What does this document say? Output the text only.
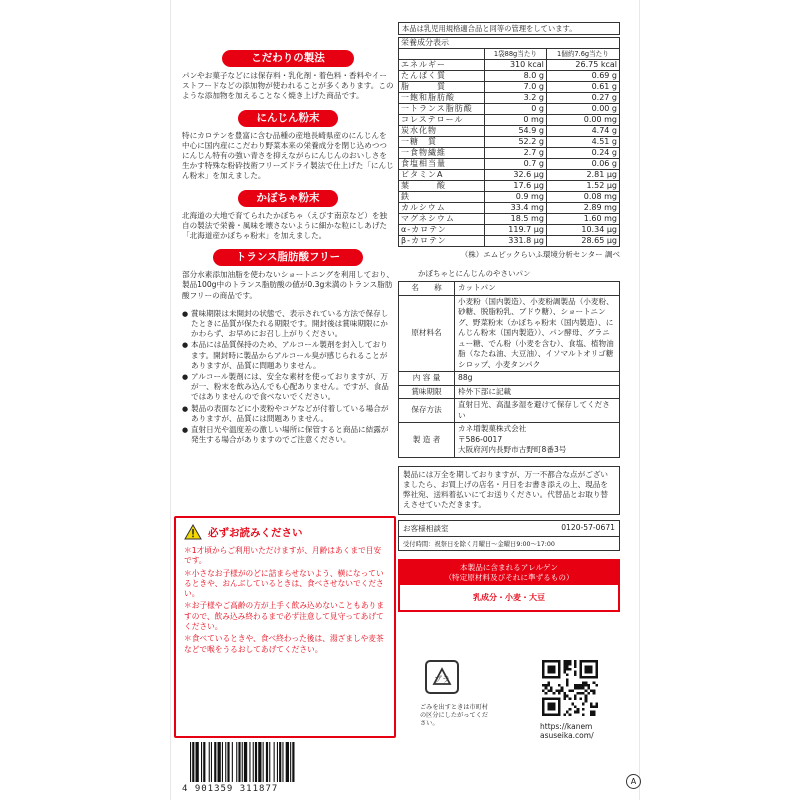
こだわりの製法
パンやお菓子などには保存料・乳化剤・着色料・香料やイーストフードなどの添加物が使われることが多くあります。このような添加物を加えることなく焼き上げた商品です。
にんじん粉末
特にカロテンを豊富に含む品種の産地長崎県産のにんじんを中心に国内産にこだわり野菜本来の栄養成分を閉じ込めつつにんじん特有の強い青さを抑えながらにんじんのおいしさを生かす特殊な粉砕技術フリーズドライ製法で仕上げた「にんじん粉末」を加えました。
かぼちゃ粉末
北海道の大地で育てられたかぼちゃ（えびす南京など）を独自の製法で栄養・風味を壊さないように細かな粒にしあげた「北海道産かぼちゃ粉末」を加えました。
トランス脂肪酸フリー
部分水素添加油脂を使わないショートニングを利用しており、製品100g中のトランス脂肪酸の値が0.3g未満のトランス脂肪酸フリーの商品です。
● 賞味期限は未開封の状態で、表示されている方法で保存したときに品質が保たれる期限です。開封後は賞味期限にかかわらず、お早めにお召し上がりください。
● 本品には品質保持のため、アルコール製剤を封入しております。開封時に製品からアルコール臭が感じられることがありますが、品質に問題ありません。
● アルコール製剤には、安全な素材を使っておりますが、万が一、粉末を飲み込んでも心配ありません。ですが、食品ではありませんので食べないでください。
● 製品の表面などに小麦粉やコゲなどが付着している場合がありますが、品質には問題ありません。
● 直射日光や温度差の激しい場所に保管すると商品に結露が発生する場合がありますのでご注意ください。
必ずお読みください
＊1才頃からご利用いただけますが、月齢はあくまで目安です。
＊小さなお子様がのどに詰まらせないよう、横になっているときや、おんぶしているときは、食べさせないでください。
＊お子様やご高齢の方が上手く飲み込めないこともありますので、飲み込み終わるまで必ず注意して見守ってあげてください。
＊食べているときや、食べ終わった後は、湯ざましや麦茶などで喉をうるおしてあげてください。
4 901359 311877
本品は乳児用規格適合品と同等の管理をしています。
栄養成分表示		
	1袋88g当たり	1個約7.6g当たり
エネルギー	310 kcal	26.75 kcal
たんぱく質	8.0 g	0.69 g
脂　　　質	7.0 g	0.61 g
一飽和脂肪酸	3.2 g	0.27 g
一トランス脂肪酸	0 g	0.00 g
コレステロール	0 mg	0.00 mg
炭水化物	54.9 g	4.74 g
一糖　質	52.2 g	4.51 g
一食物繊維	2.7 g	0.24 g
食塩相当量	0.7 g	0.06 g
ビタミンA	32.6 μg	2.81 μg
葉　　　酸	17.6 μg	1.52 μg
鉄	0.9 mg	0.08 mg
カルシウム	33.4 mg	2.89 mg
マグネシウム	18.5 mg	1.60 mg
α-カロテン	119.7 μg	10.34 μg
β-カロテン	331.8 μg	28.65 μg
（株）エムピックらいふ環境分析センター 調べ
かぼちゃとにんじんのやさいパン
名　　称	カットパン
原材料名	小麦粉（国内製造）、小麦粉調製品（小麦粉、砂糖、脱脂粉乳、ブドウ糖）、ショートニング、野菜粉末（かぼちゃ粉末（国内製造）、にんじん粉末（国内製造））、パン酵母、グラニュー糖、でん粉（小麦を含む）、食塩、植物油脂（なたね油、大豆油）、イソマルトオリゴ糖シロップ、小麦タンパク
内 容 量	88g
賞味期限	枠外下部に記載
保存方法	直射日光、高温多湿を避けて保存してください
製 造 者	カネ増製菓株式会社
〒586-0017
大阪府河内長野市古野町8番3号
製品には万全を期しておりますが、万一不都合な点がございましたら、お買上げの店名・月日をお書き添えの上、現品を弊社宛、送料着払いにてお送りください。代替品とお取り替えさせていただきます。
お客様相談室	0120-57-0671
受付時間：祝祭日を除く月曜日～金曜日9:00～17:00
本製品に含まれるアレルゲン
（特定原材料及びそれに準ずるもの）
乳成分・小麦・大豆
プラ
ごみを出すときは市町村の区分にしたがってください。	https://kanem
asuseika.com/
A
